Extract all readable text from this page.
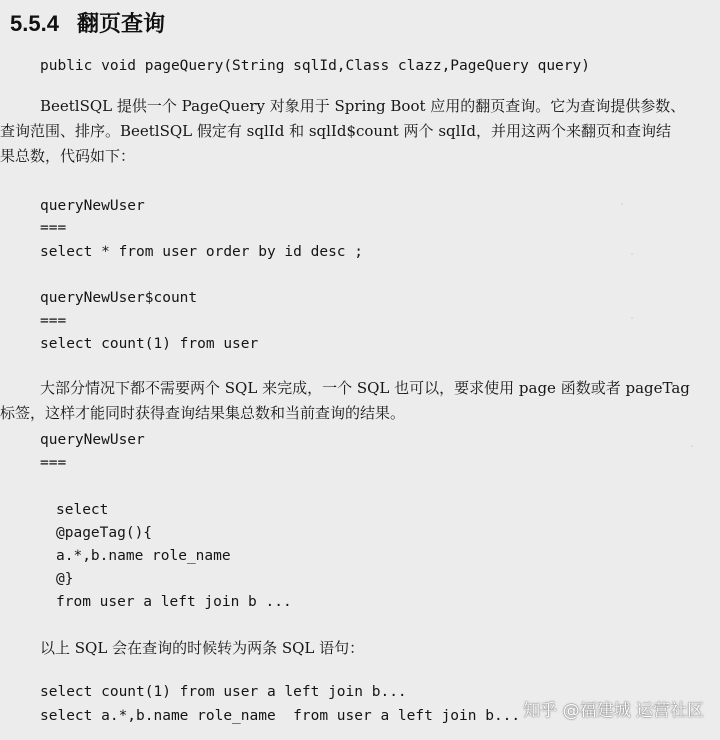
·
·
·
·
5.5.4 翻页查询
public void pageQuery(String sqlId,Class clazz,PageQuery query)
BeetlSQL 提供一个 PageQuery 对象用于 Spring Boot 应用的翻页查询。它为查询提供参数、
查询范围、排序。BeetlSQL 假定有 sqlId 和 sqlId$count 两个 sqlId，并用这两个来翻页和查询结
果总数，代码如下：
queryNewUser
===
select * from user order by id desc ;
queryNewUser$count
===
select count(1) from user
大部分情况下都不需要两个 SQL 来完成，一个 SQL 也可以，要求使用 page 函数或者 pageTag
标签，这样才能同时获得查询结果集总数和当前查询的结果。
queryNewUser
===
select
@pageTag(){
a.*,b.name role_name
@}
from user a left join b ...
以上 SQL 会在查询的时候转为两条 SQL 语句：
select count(1) from user a left join b...
select a.*,b.name role_name  from user a left join b... 知乎 @福建城 运营社区
